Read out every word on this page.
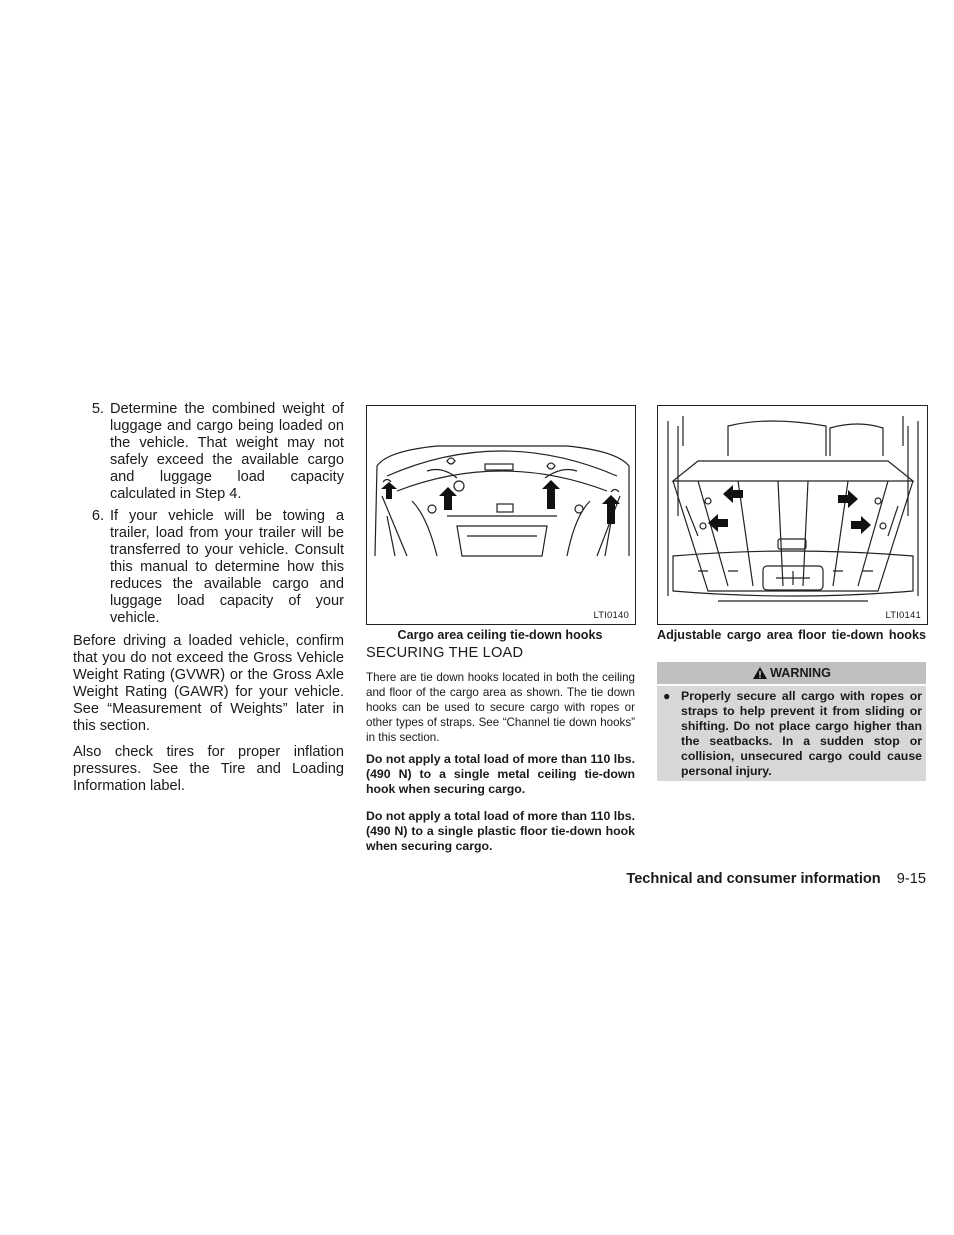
5. Determine the combined weight of luggage and cargo being loaded on the vehicle. That weight may not safely exceed the available cargo and luggage load capacity calculated in Step 4.
6. If your vehicle will be towing a trailer, load from your trailer will be transferred to your vehicle. Consult this manual to determine how this reduces the available cargo and luggage load capacity of your vehicle.

Before driving a loaded vehicle, confirm that you do not exceed the Gross Vehicle Weight Rating (GVWR) or the Gross Axle Weight Rating (GAWR) for your vehicle. See “Measurement of Weights” later in this section.

Also check tires for proper inflation pressures. See the Tire and Loading Information label.

LTI0140
Cargo area ceiling tie-down hooks
LTI0141
Adjustable cargo area floor tie-down hooks
SECURING THE LOAD

There are tie down hooks located in both the ceiling and floor of the cargo area as shown. The tie down hooks can be used to secure cargo with ropes or other types of straps. See “Channel tie down hooks” in this section.

Do not apply a total load of more than 110 lbs. (490 N) to a single metal ceiling tie-down hook when securing cargo.

Do not apply a total load of more than 110 lbs. (490 N) to a single plastic floor tie-down hook when securing cargo.

WARNING
● Properly secure all cargo with ropes or straps to help prevent it from sliding or shifting. Do not place cargo higher than the seatbacks. In a sudden stop or collision, unsecured cargo could cause personal injury.
Technical and consumer information 9-15
